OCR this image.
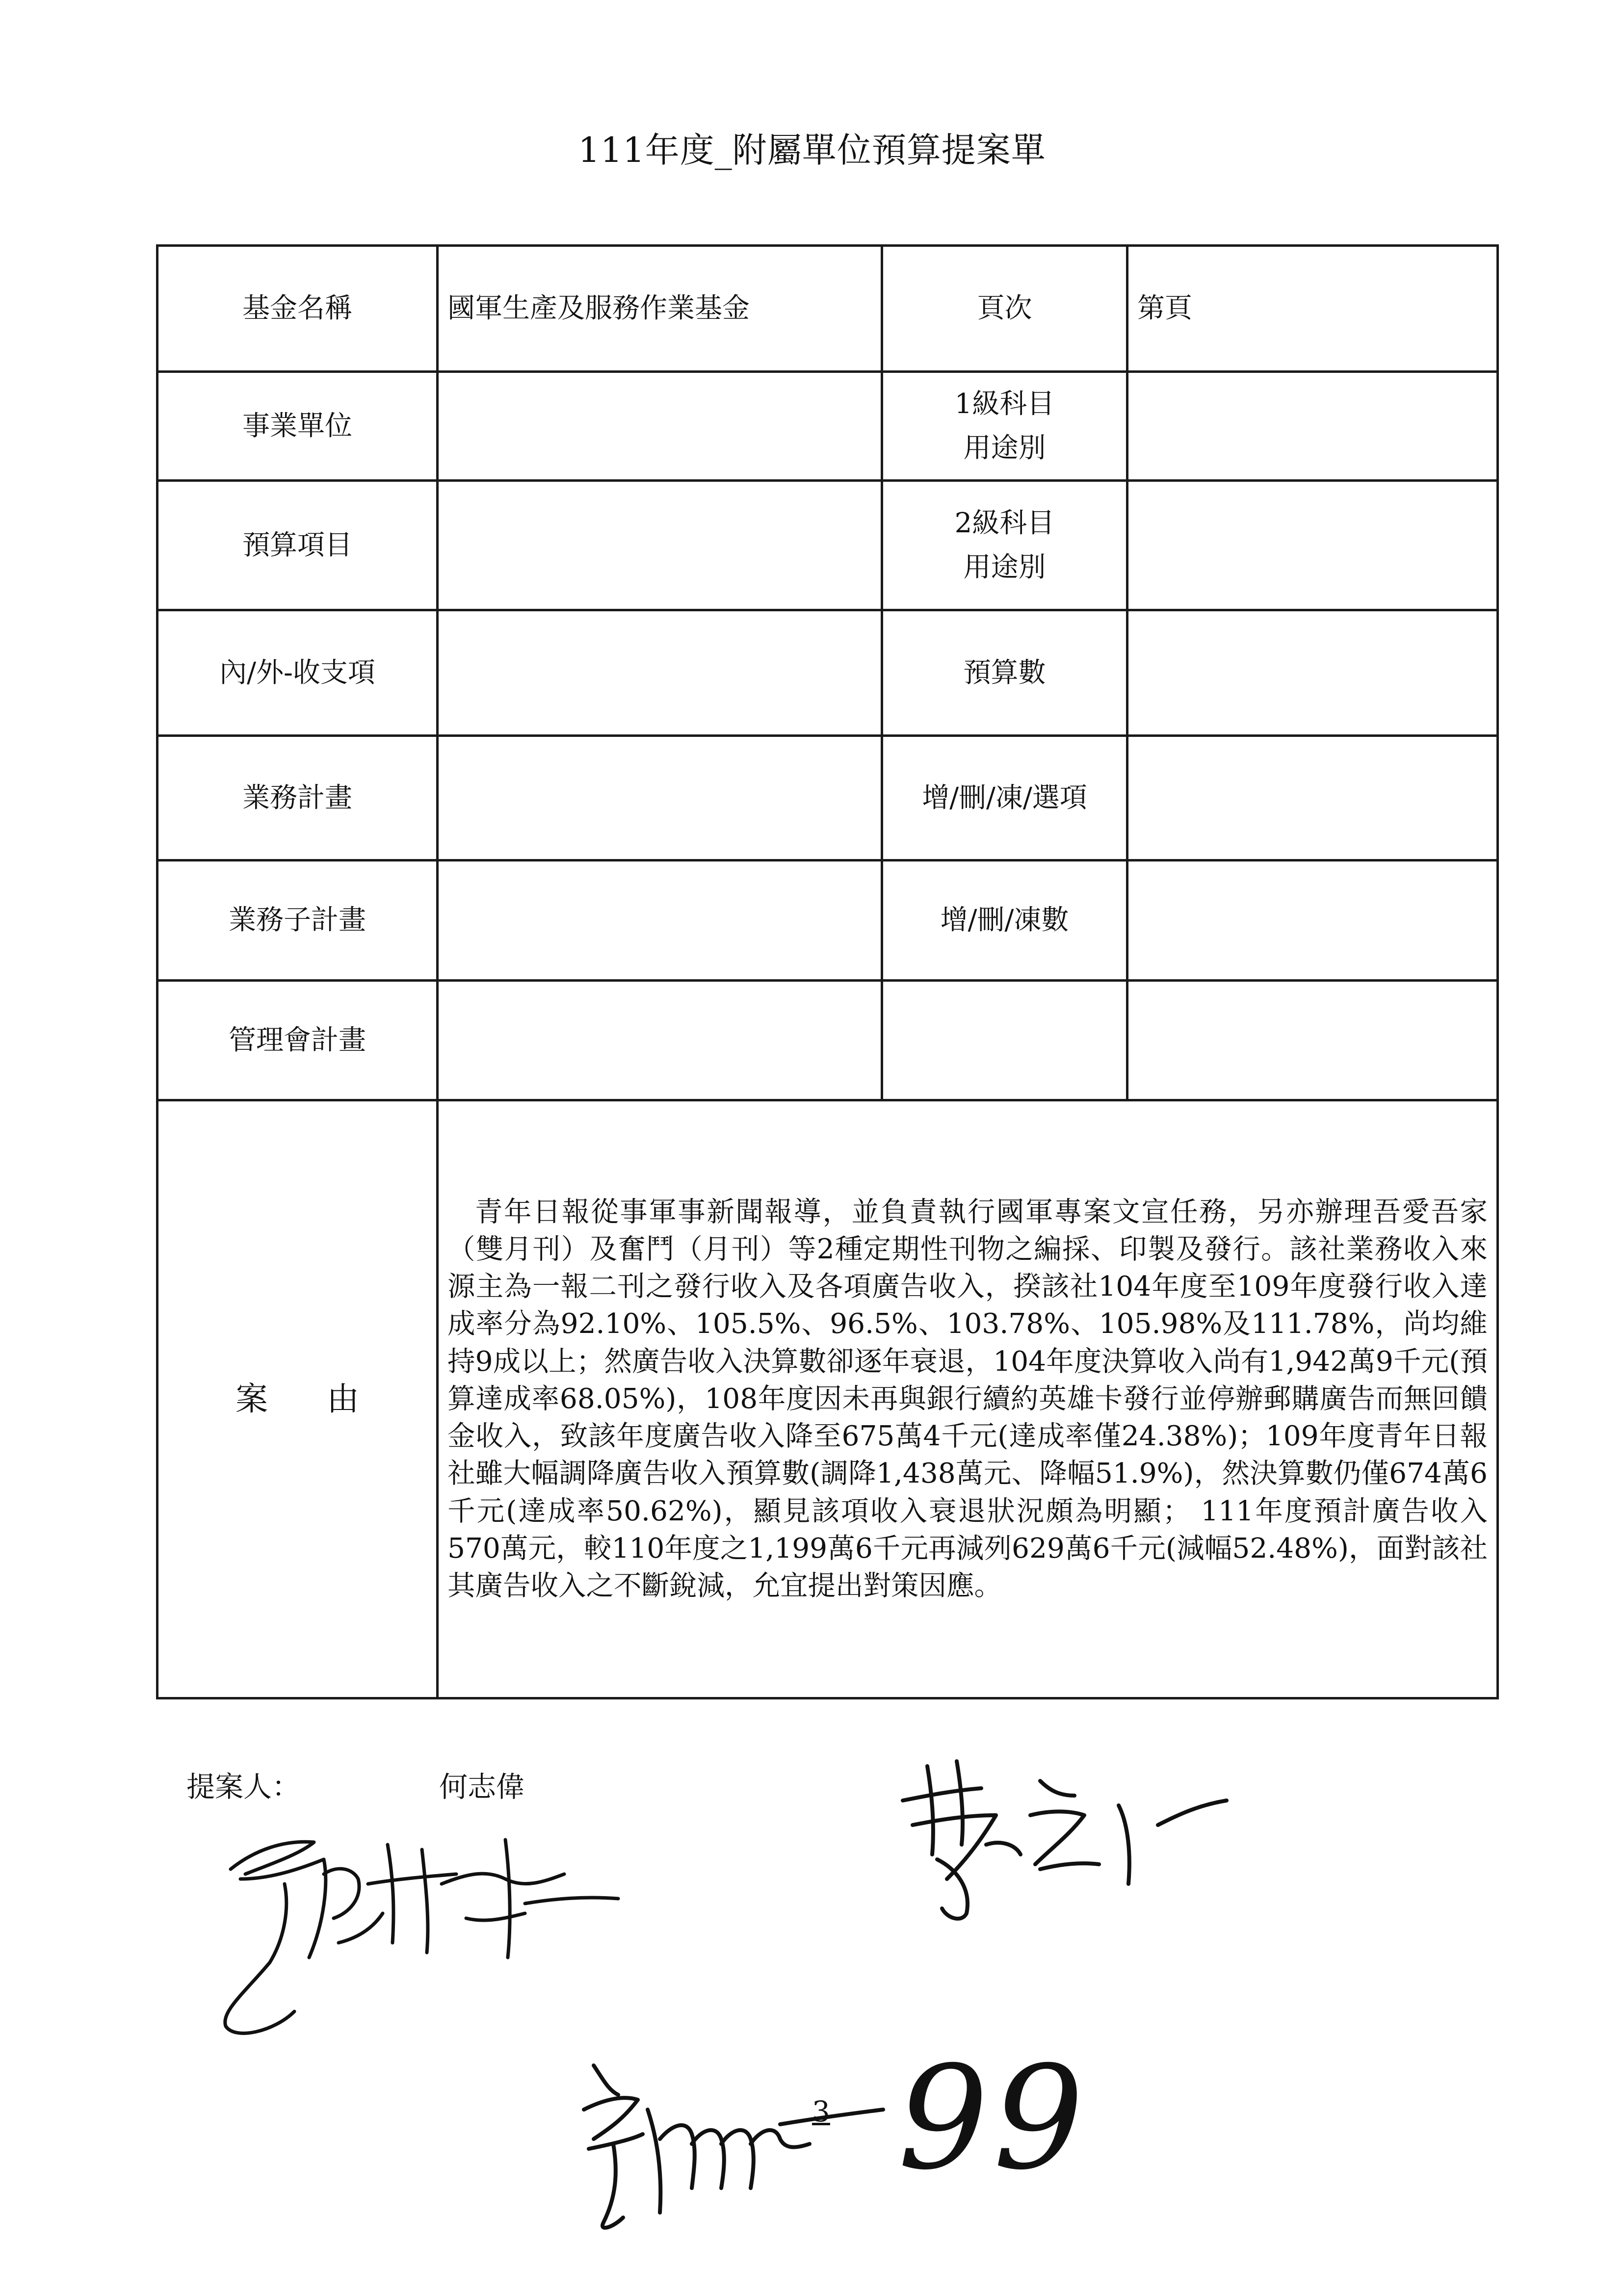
111年度_附屬單位預算提案單
基金名稱	國軍生產及服務作業基金	頁次	第頁
事業單位		1級科目
用途別	
預算項目		2級科目
用途別	
內/外-收支項		預算數	
業務計畫		增/刪/凍/選項	
業務子計畫		增/刪/凍數	
管理會計畫			
案 由	青年日報從事軍事新聞報導，並負責執行國軍專案文宣任務，另亦辦理吾愛吾家（雙月刊）及奮鬥（月刊）等2種定期性刊物之編採、印製及發行。該社業務收入來源主為一報二刊之發行收入及各項廣告收入，揆該社104年度至109年度發行收入達成率分為92.10%、105.5%、96.5%、103.78%、105.98%及111.78%，尚均維持9成以上；然廣告收入決算數卻逐年衰退，104年度決算收入尚有1,942萬9千元(預算達成率68.05%)，108年度因未再與銀行續約英雄卡發行並停辦郵購廣告而無回饋金收入，致該年度廣告收入降至675萬4千元(達成率僅24.38%)；109年度青年日報社雖大幅調降廣告收入預算數(調降1,438萬元、降幅51.9%)，然決算數仍僅674萬6千元(達成率50.62%)，顯見該項收入衰退狀況頗為明顯； 111年度預計廣告收入570萬元，較110年度之1,199萬6千元再減列629萬6千元(減幅52.48%)，面對該社其廣告收入之不斷銳減，允宜提出對策因應。		
提案人：	何志偉
3 99
